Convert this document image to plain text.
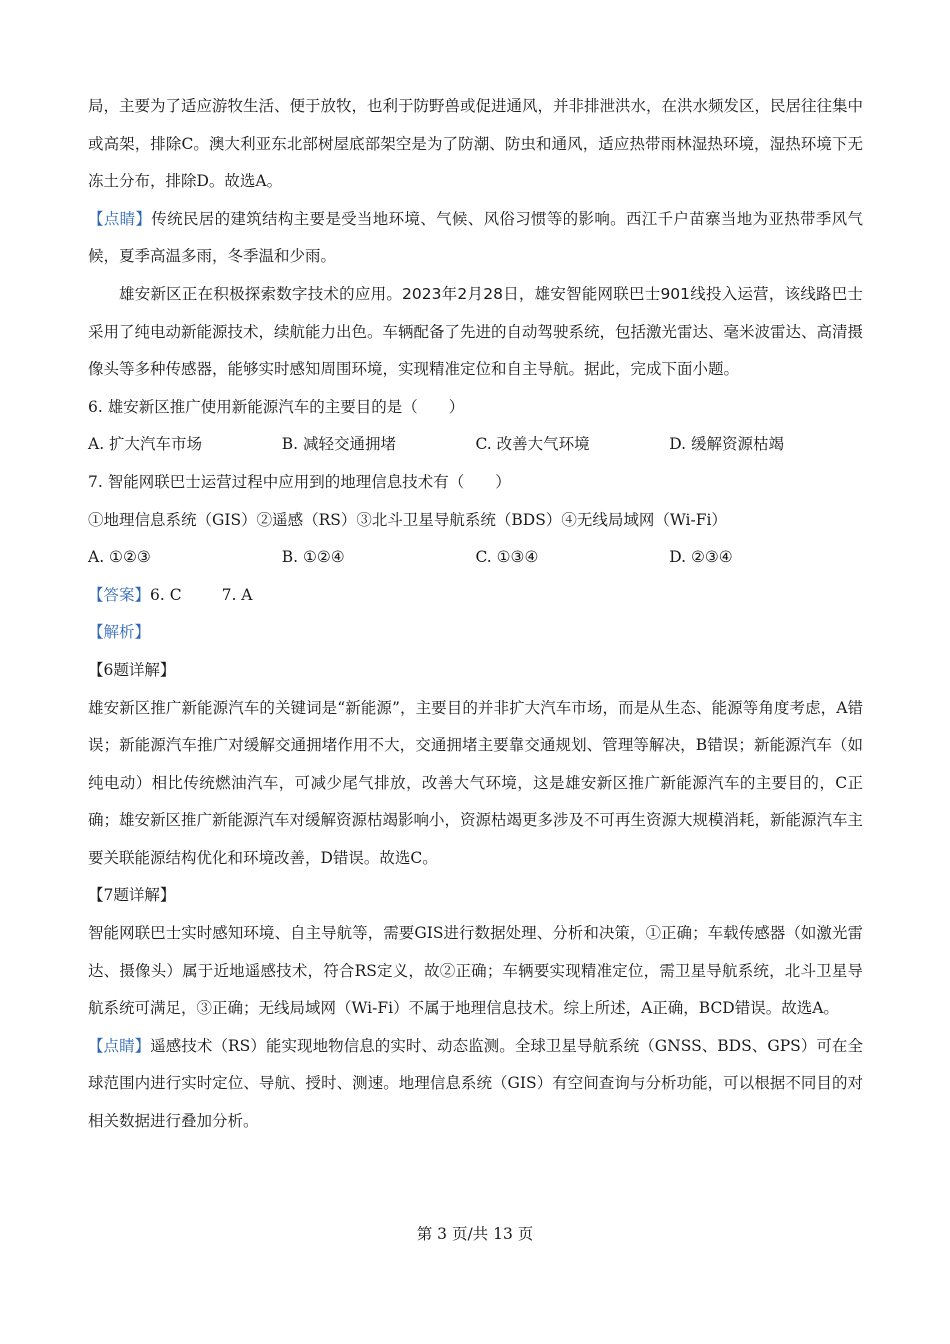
局，主要为了适应游牧生活、便于放牧，也利于防野兽或促进通风，并非排泄洪水，在洪水频发区，民居往往集中或高架，排除C。澳大利亚东北部树屋底部架空是为了防潮、防虫和通风，适应热带雨林湿热环境，湿热环境下无冻土分布，排除D。故选A。

【点睛】传统民居的建筑结构主要是受当地环境、气候、风俗习惯等的影响。西江千户苗寨当地为亚热带季风气候，夏季高温多雨，冬季温和少雨。

雄安新区正在积极探索数字技术的应用。2023年2月28日，雄安智能网联巴士901线投入运营，该线路巴士采用了纯电动新能源技术，续航能力出色。车辆配备了先进的自动驾驶系统，包括激光雷达、毫米波雷达、高清摄像头等多种传感器，能够实时感知周围环境，实现精准定位和自主导航。据此，完成下面小题。

6. 雄安新区推广使用新能源汽车的主要目的是（　　）

A. 扩大汽车市场	B. 减轻交通拥堵	C. 改善大气环境	D. 缓解资源枯竭

7. 智能网联巴士运营过程中应用到的地理信息技术有（　　）

①地理信息系统（GIS）②遥感（RS）③北斗卫星导航系统（BDS）④无线局域网（Wi-Fi）

A. ①②③	B. ①②④	C. ①③④	D. ②③④
【答案】6. C	7. A
【解析】
【6题详解】

雄安新区推广新能源汽车的关键词是“新能源”，主要目的并非扩大汽车市场，而是从生态、能源等角度考虑，A错误；新能源汽车推广对缓解交通拥堵作用不大，交通拥堵主要靠交通规划、管理等解决，B错误；新能源汽车（如纯电动）相比传统燃油汽车，可减少尾气排放，改善大气环境，这是雄安新区推广新能源汽车的主要目的，C正确；雄安新区推广新能源汽车对缓解资源枯竭影响小，资源枯竭更多涉及不可再生资源大规模消耗，新能源汽车主要关联能源结构优化和环境改善，D错误。故选C。

【7题详解】

智能网联巴士实时感知环境、自主导航等，需要GIS进行数据处理、分析和决策，①正确；车载传感器（如激光雷达、摄像头）属于近地遥感技术，符合RS定义，故②正确；车辆要实现精准定位，需卫星导航系统，北斗卫星导航系统可满足，③正确；无线局域网（Wi-Fi）不属于地理信息技术。综上所述，A正确，BCD错误。故选A。

【点睛】遥感技术（RS）能实现地物信息的实时、动态监测。全球卫星导航系统（GNSS、BDS、GPS）可在全球范围内进行实时定位、导航、授时、测速。地理信息系统（GIS）有空间查询与分析功能，可以根据不同目的对相关数据进行叠加分析。

第 3 页/共 13 页
